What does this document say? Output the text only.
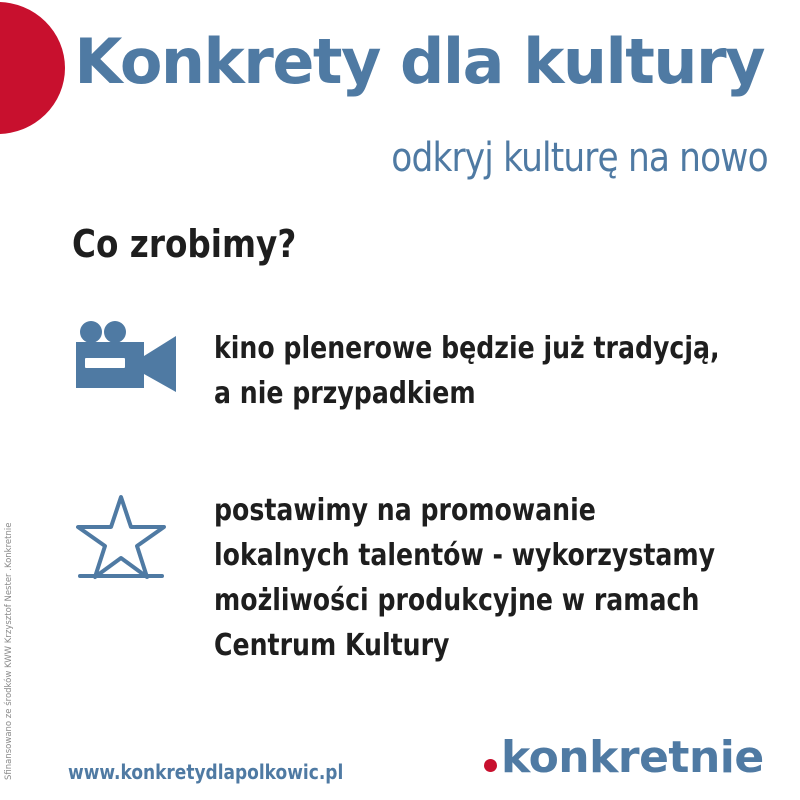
Konkrety dla kultury
odkryj kulturę na nowo
Co zrobimy?

kino plenerowe będzie już tradycją,
a nie przypadkiem

postawimy na promowanie
lokalnych talentów - wykorzystamy
możliwości produkcyjne w ramach
Centrum Kultury

Sfinansowano ze środków KWW Krzysztof Nester .Konkretnie	www.konkretydlapolkowic.pl	konkretnie
